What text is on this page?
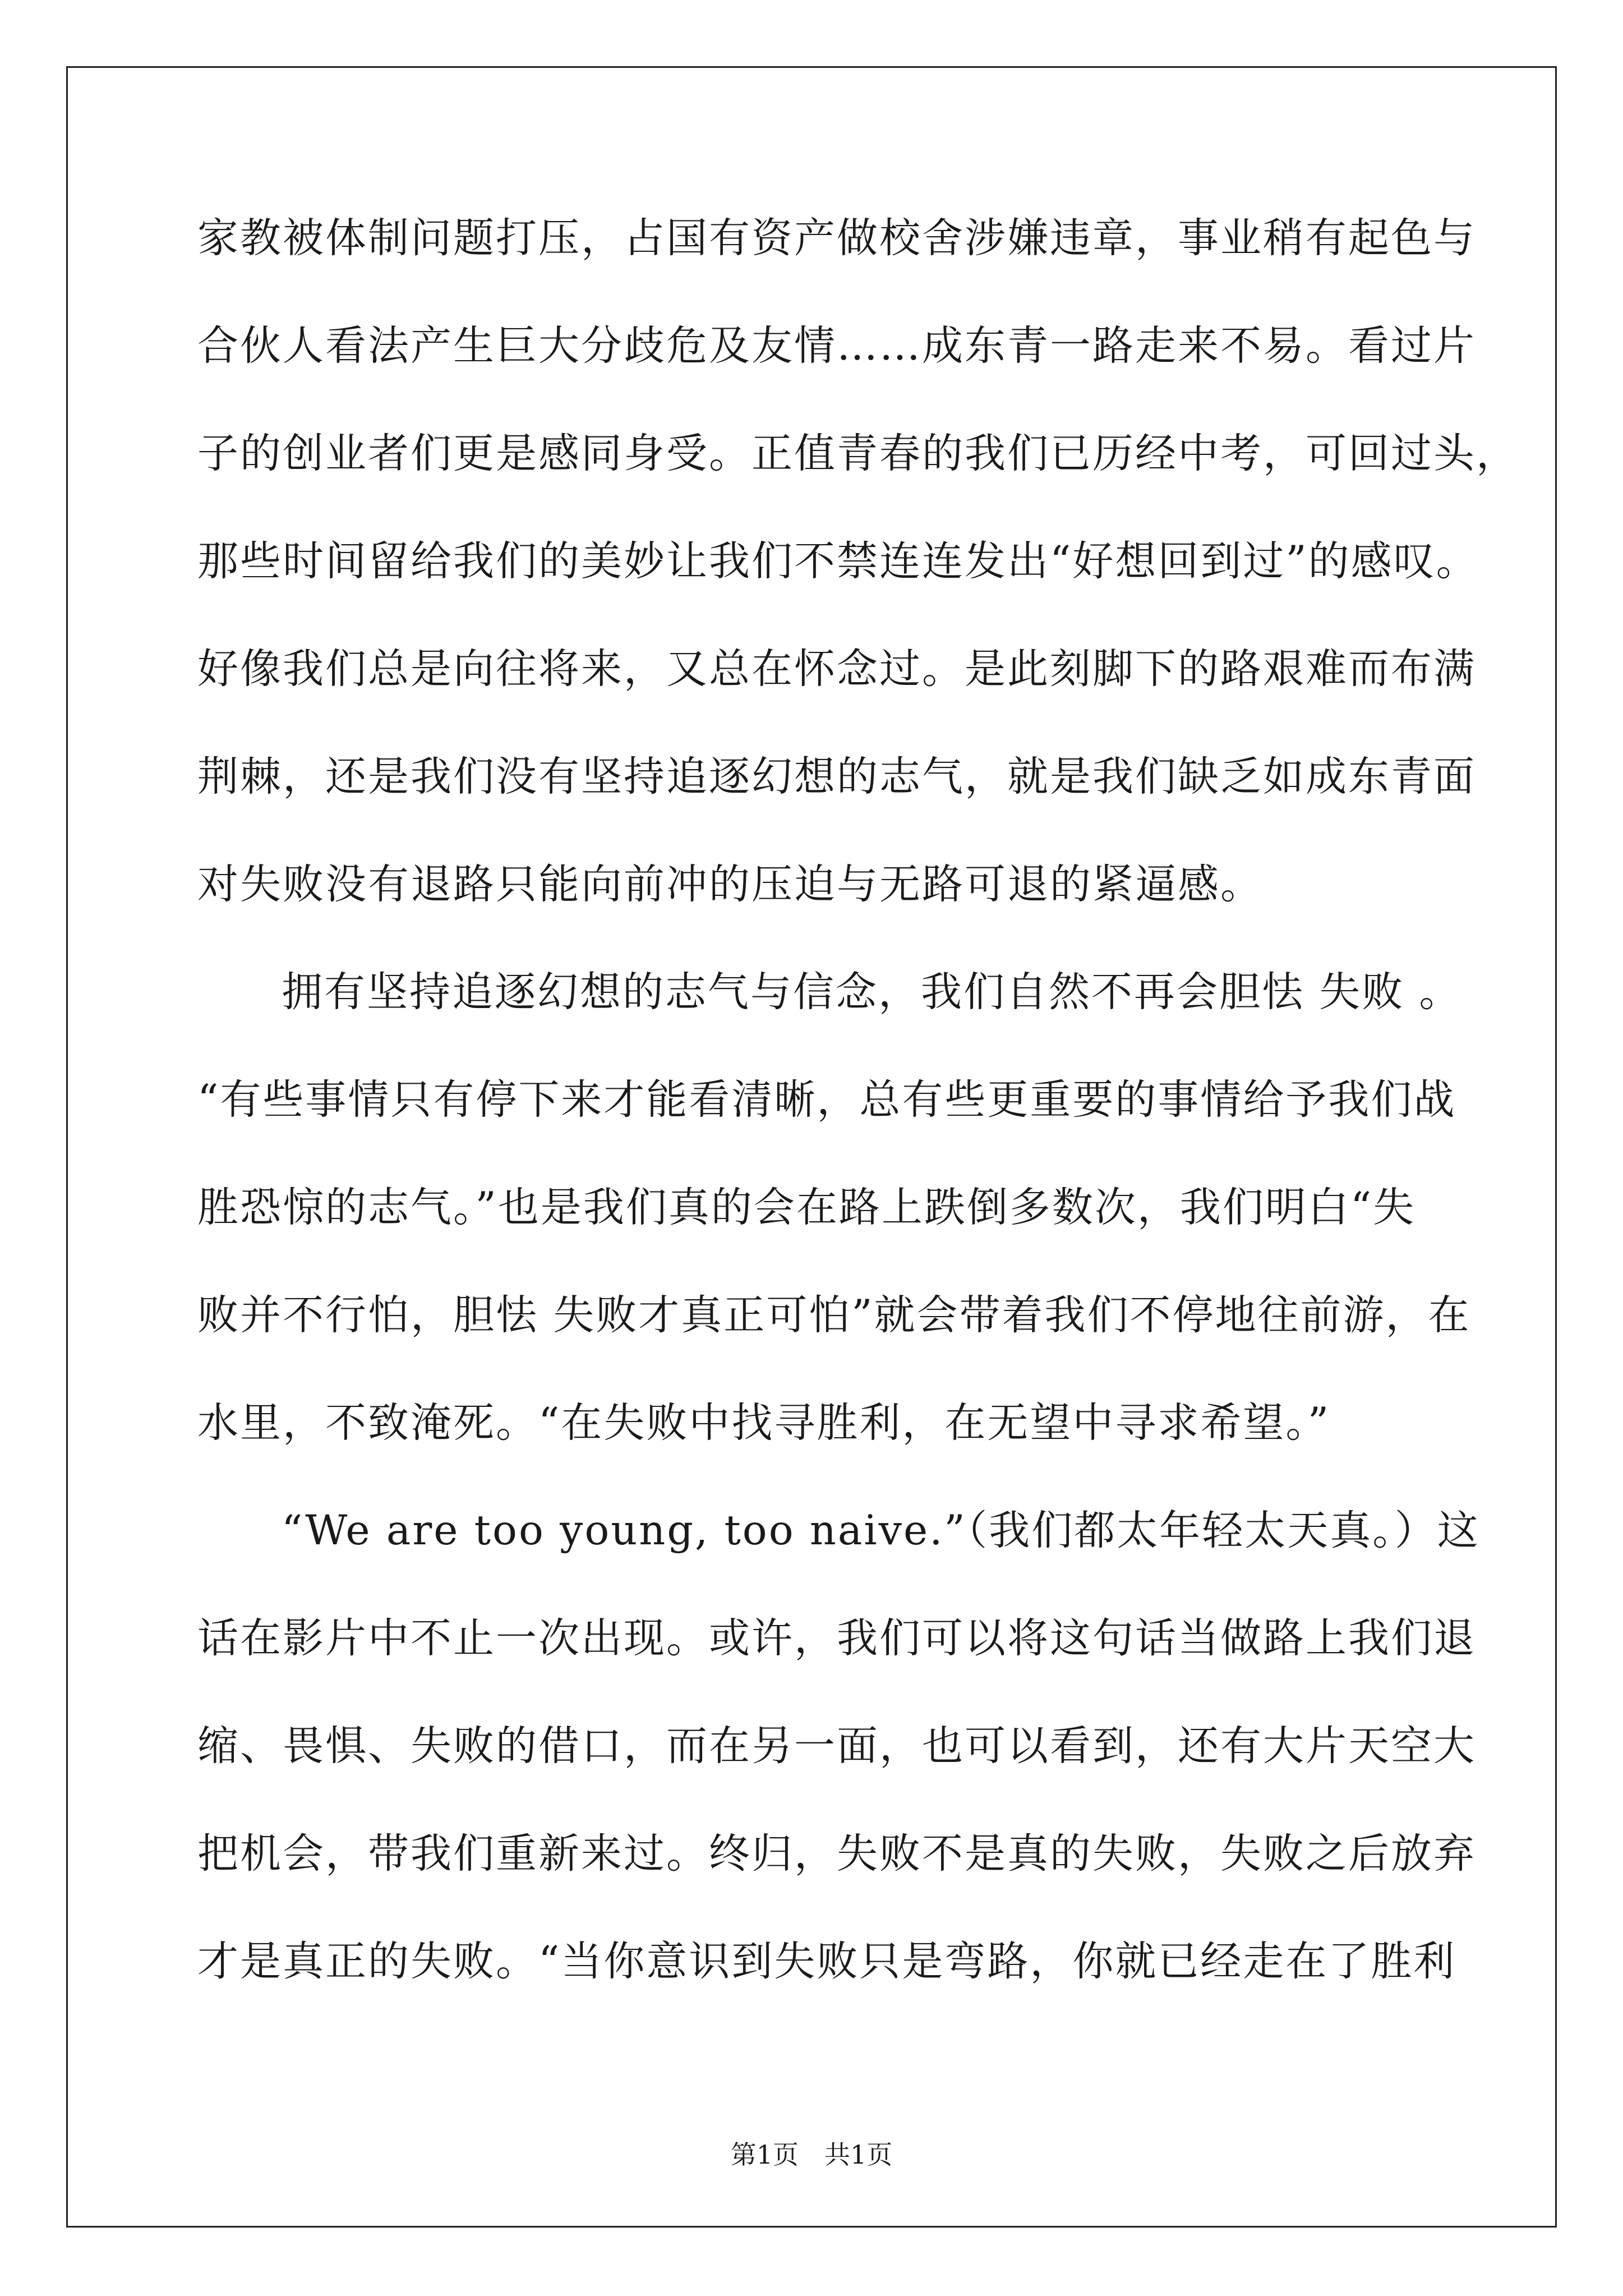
家教被体制问题打压，占国有资产做校舍涉嫌违章，事业稍有起色与
合伙人看法产生巨大分歧危及友情……成东青一路走来不易。看过片
子的创业者们更是感同身受。正值青春的我们已历经中考，可回过头，
那些时间留给我们的美妙让我们不禁连连发出“好想回到过”的感叹。
好像我们总是向往将来，又总在怀念过。是此刻脚下的路艰难而布满
荆棘，还是我们没有坚持追逐幻想的志气，就是我们缺乏如成东青面
对失败没有退路只能向前冲的压迫与无路可退的紧逼感。
拥有坚持追逐幻想的志气与信念，我们自然不再会胆怯 失败 。
“有些事情只有停下来才能看清晰，总有些更重要的事情给予我们战
胜恐惊的志气。”也是我们真的会在路上跌倒多数次，我们明白“失
败并不行怕，胆怯 失败才真正可怕”就会带着我们不停地往前游，在
水里，不致淹死。“在失败中找寻胜利，在无望中寻求希望。”
“We are too young, too naive.”（我们都太年轻太天真。）这
话在影片中不止一次出现。或许，我们可以将这句话当做路上我们退
缩、畏惧、失败的借口，而在另一面，也可以看到，还有大片天空大
把机会，带我们重新来过。终归，失败不是真的失败，失败之后放弃
才是真正的失败。“当你意识到失败只是弯路，你就已经走在了胜利
第1页　共1页
